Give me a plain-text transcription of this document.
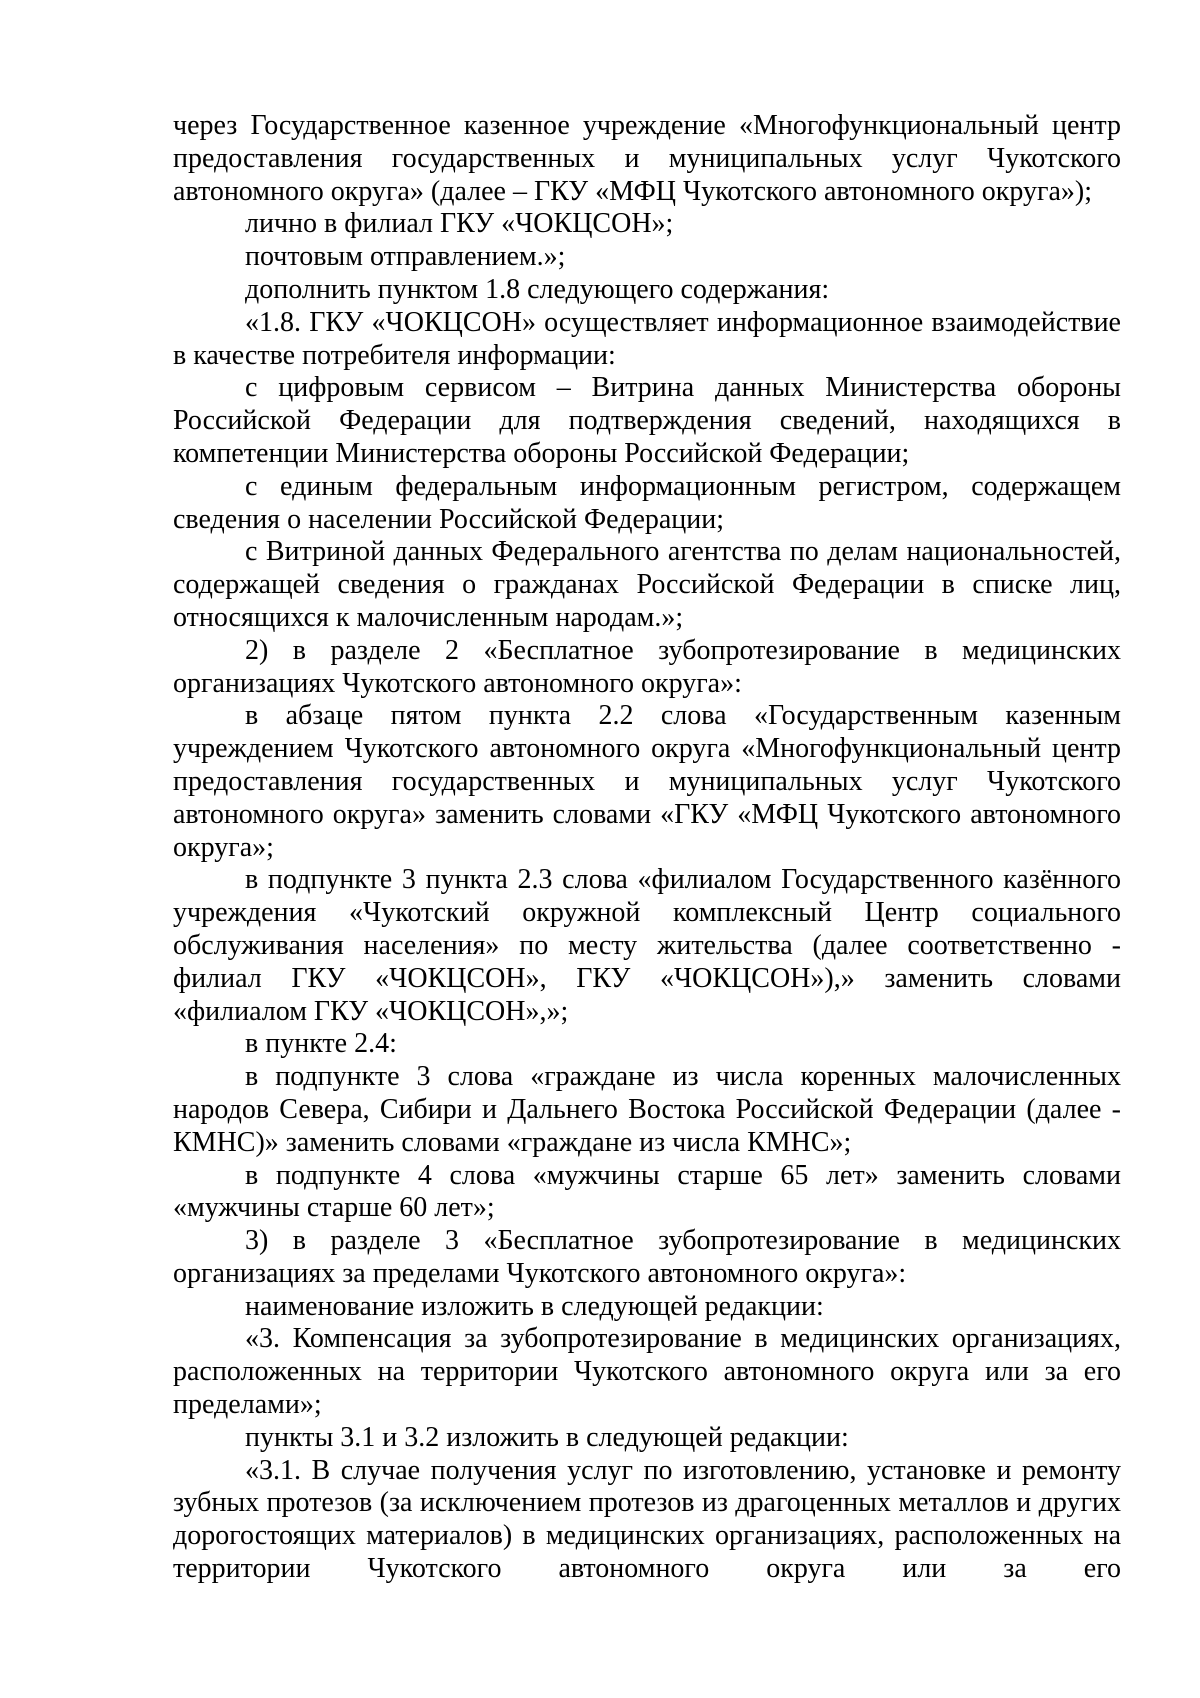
через Государственное казенное учреждение «Многофункциональный центр предоставления государственных и муниципальных услуг Чукотского автономного округа» (далее – ГКУ «МФЦ Чукотского автономного округа»);

лично в филиал ГКУ «ЧОКЦСОН»;

почтовым отправлением.»;

дополнить пунктом 1.8 следующего содержания:

«1.8. ГКУ «ЧОКЦСОН» осуществляет информационное взаимодействие в качестве потребителя информации:

с цифровым сервисом – Витрина данных Министерства обороны Российской Федерации для подтверждения сведений, находящихся в компетенции Министерства обороны Российской Федерации;

с единым федеральным информационным регистром, содержащем сведения о населении Российской Федерации;

с Витриной данных Федерального агентства по делам национальностей, содержащей сведения о гражданах Российской Федерации в списке лиц, относящихся к малочисленным народам.»;

2) в разделе 2 «Бесплатное зубопротезирование в медицинских организациях Чукотского автономного округа»:

в абзаце пятом пункта 2.2 слова «Государственным казенным учреждением Чукотского автономного округа «Многофункциональный центр предоставления государственных и муниципальных услуг Чукотского автономного округа» заменить словами «ГКУ «МФЦ Чукотского автономного округа»;

в подпункте 3 пункта 2.3 слова «филиалом Государственного казённого учреждения «Чукотский окружной комплексный Центр социального обслуживания населения» по месту жительства (далее соответственно - филиал ГКУ «ЧОКЦСОН», ГКУ «ЧОКЦСОН»),» заменить словами «филиалом ГКУ «ЧОКЦСОН»,»;

в пункте 2.4:

в подпункте 3 слова «граждане из числа коренных малочисленных народов Севера, Сибири и Дальнего Востока Российской Федерации (далее - КМНС)» заменить словами «граждане из числа КМНС»;

в подпункте 4 слова «мужчины старше 65 лет» заменить словами «мужчины старше 60 лет»;

3) в разделе 3 «Бесплатное зубопротезирование в медицинских организациях за пределами Чукотского автономного округа»:

наименование изложить в следующей редакции:

«3. Компенсация за зубопротезирование в медицинских организациях, расположенных на территории Чукотского автономного округа или за его пределами»;

пункты 3.1 и 3.2 изложить в следующей редакции:

«3.1. В случае получения услуг по изготовлению, установке и ремонту зубных протезов (за исключением протезов из драгоценных металлов и других дорогостоящих материалов) в медицинских организациях, расположенных на территории Чукотского автономного округа или за его
